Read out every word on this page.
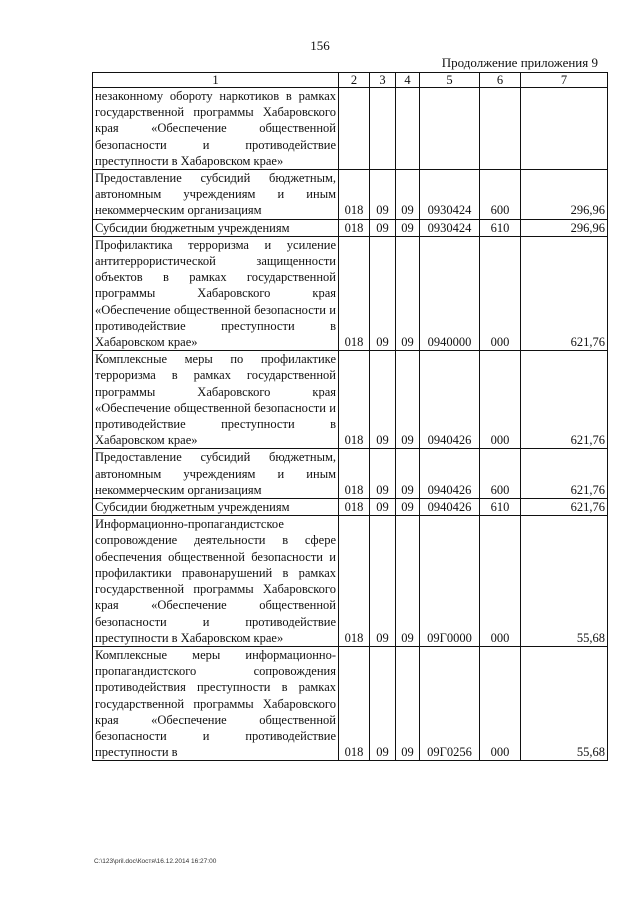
156
Продолжение приложения 9
1	2	3	4	5	6	7
незаконному обороту наркотиков в рамках государственной программы Хабаровского края «Обеспечение общественной безопасности и противодействие преступности в Хабаровском крае»						
Предоставление субсидий бюджетным, автономным учреждениям и иным некоммерческим организациям	018	09	09	0930424	600	296,96
Субсидии бюджетным учреждениям	018	09	09	0930424	610	296,96
Профилактика терроризма и усиление антитеррористической защищенности объектов в рамках государственной программы Хабаровского края «Обеспечение общественной безопасности и противодействие преступности в Хабаровском крае»	018	09	09	0940000	000	621,76
Комплексные меры по профилактике терроризма в рамках государственной программы Хабаровского края «Обеспечение общественной безопасности и противодействие преступности в Хабаровском крае»	018	09	09	0940426	000	621,76
Предоставление субсидий бюджетным, автономным учреждениям и иным некоммерческим организациям	018	09	09	0940426	600	621,76
Субсидии бюджетным учреждениям	018	09	09	0940426	610	621,76
Информационно-пропагандистское сопровождение деятельности в сфере обеспечения общественной безопасности и профилактики правонарушений в рамках государственной программы Хабаровского края «Обеспечение общественной безопасности и противодействие преступности в Хабаровском крае»	018	09	09	09Г0000	000	55,68
Комплексные меры информационно-пропагандистского сопровождения противодействия преступности в рамках государственной программы Хабаровского края «Обеспечение общественной безопасности и противодействие преступности в	018	09	09	09Г0256	000	55,68
C:\123\pril.doc\Костя\16.12.2014 16:27:00
